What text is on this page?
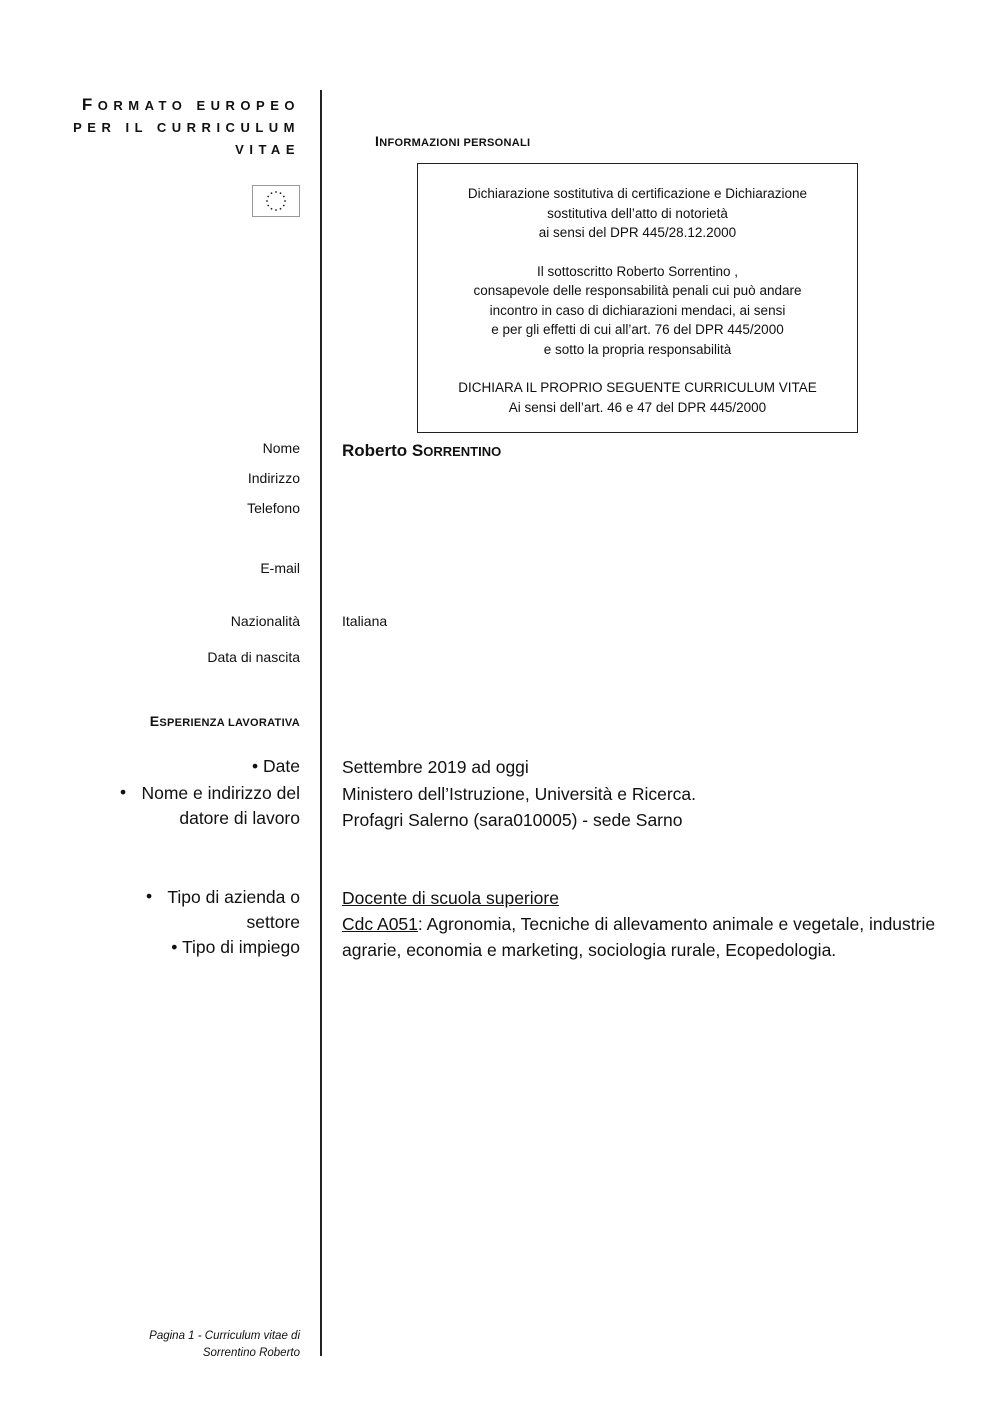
FORMATO EUROPEO
PER IL CURRICULUM
VITAE
INFORMAZIONI PERSONALI

Dichiarazione sostitutiva di certificazione e Dichiarazione
sostitutiva dell’atto di notorietà
ai sensi del DPR 445/28.12.2000

Il sottoscritto Roberto Sorrentino ,
consapevole delle responsabilità penali cui può andare
incontro in caso di dichiarazioni mendaci, ai sensi
e per gli effetti di cui all’art. 76 del DPR 445/2000
e sotto la propria responsabilità

DICHIARA IL PROPRIO SEGUENTE CURRICULUM VITAE
Ai sensi dell’art. 46 e 47 del DPR 445/2000

Nome Roberto SORRENTINO
Indirizzo
Telefono
E-mail
Nazionalità	Italiana
Data di nascita
ESPERIENZA LAVORATIVA
• Date Settembre 2019 ad oggi
• Nome e indirizzo del
datore di lavoro
Ministero dell’Istruzione, Università e Ricerca.
Profagri Salerno (sara010005) - sede Sarno
• Tipo di azienda o
settore
• Tipo di impiego
Docente di scuola superiore
Cdc A051: Agronomia, Tecniche di allevamento animale e vegetale, industrie
agrarie, economia e marketing, sociologia rurale, Ecopedologia.
Pagina 1 - Curriculum vitae di
Sorrentino Roberto
